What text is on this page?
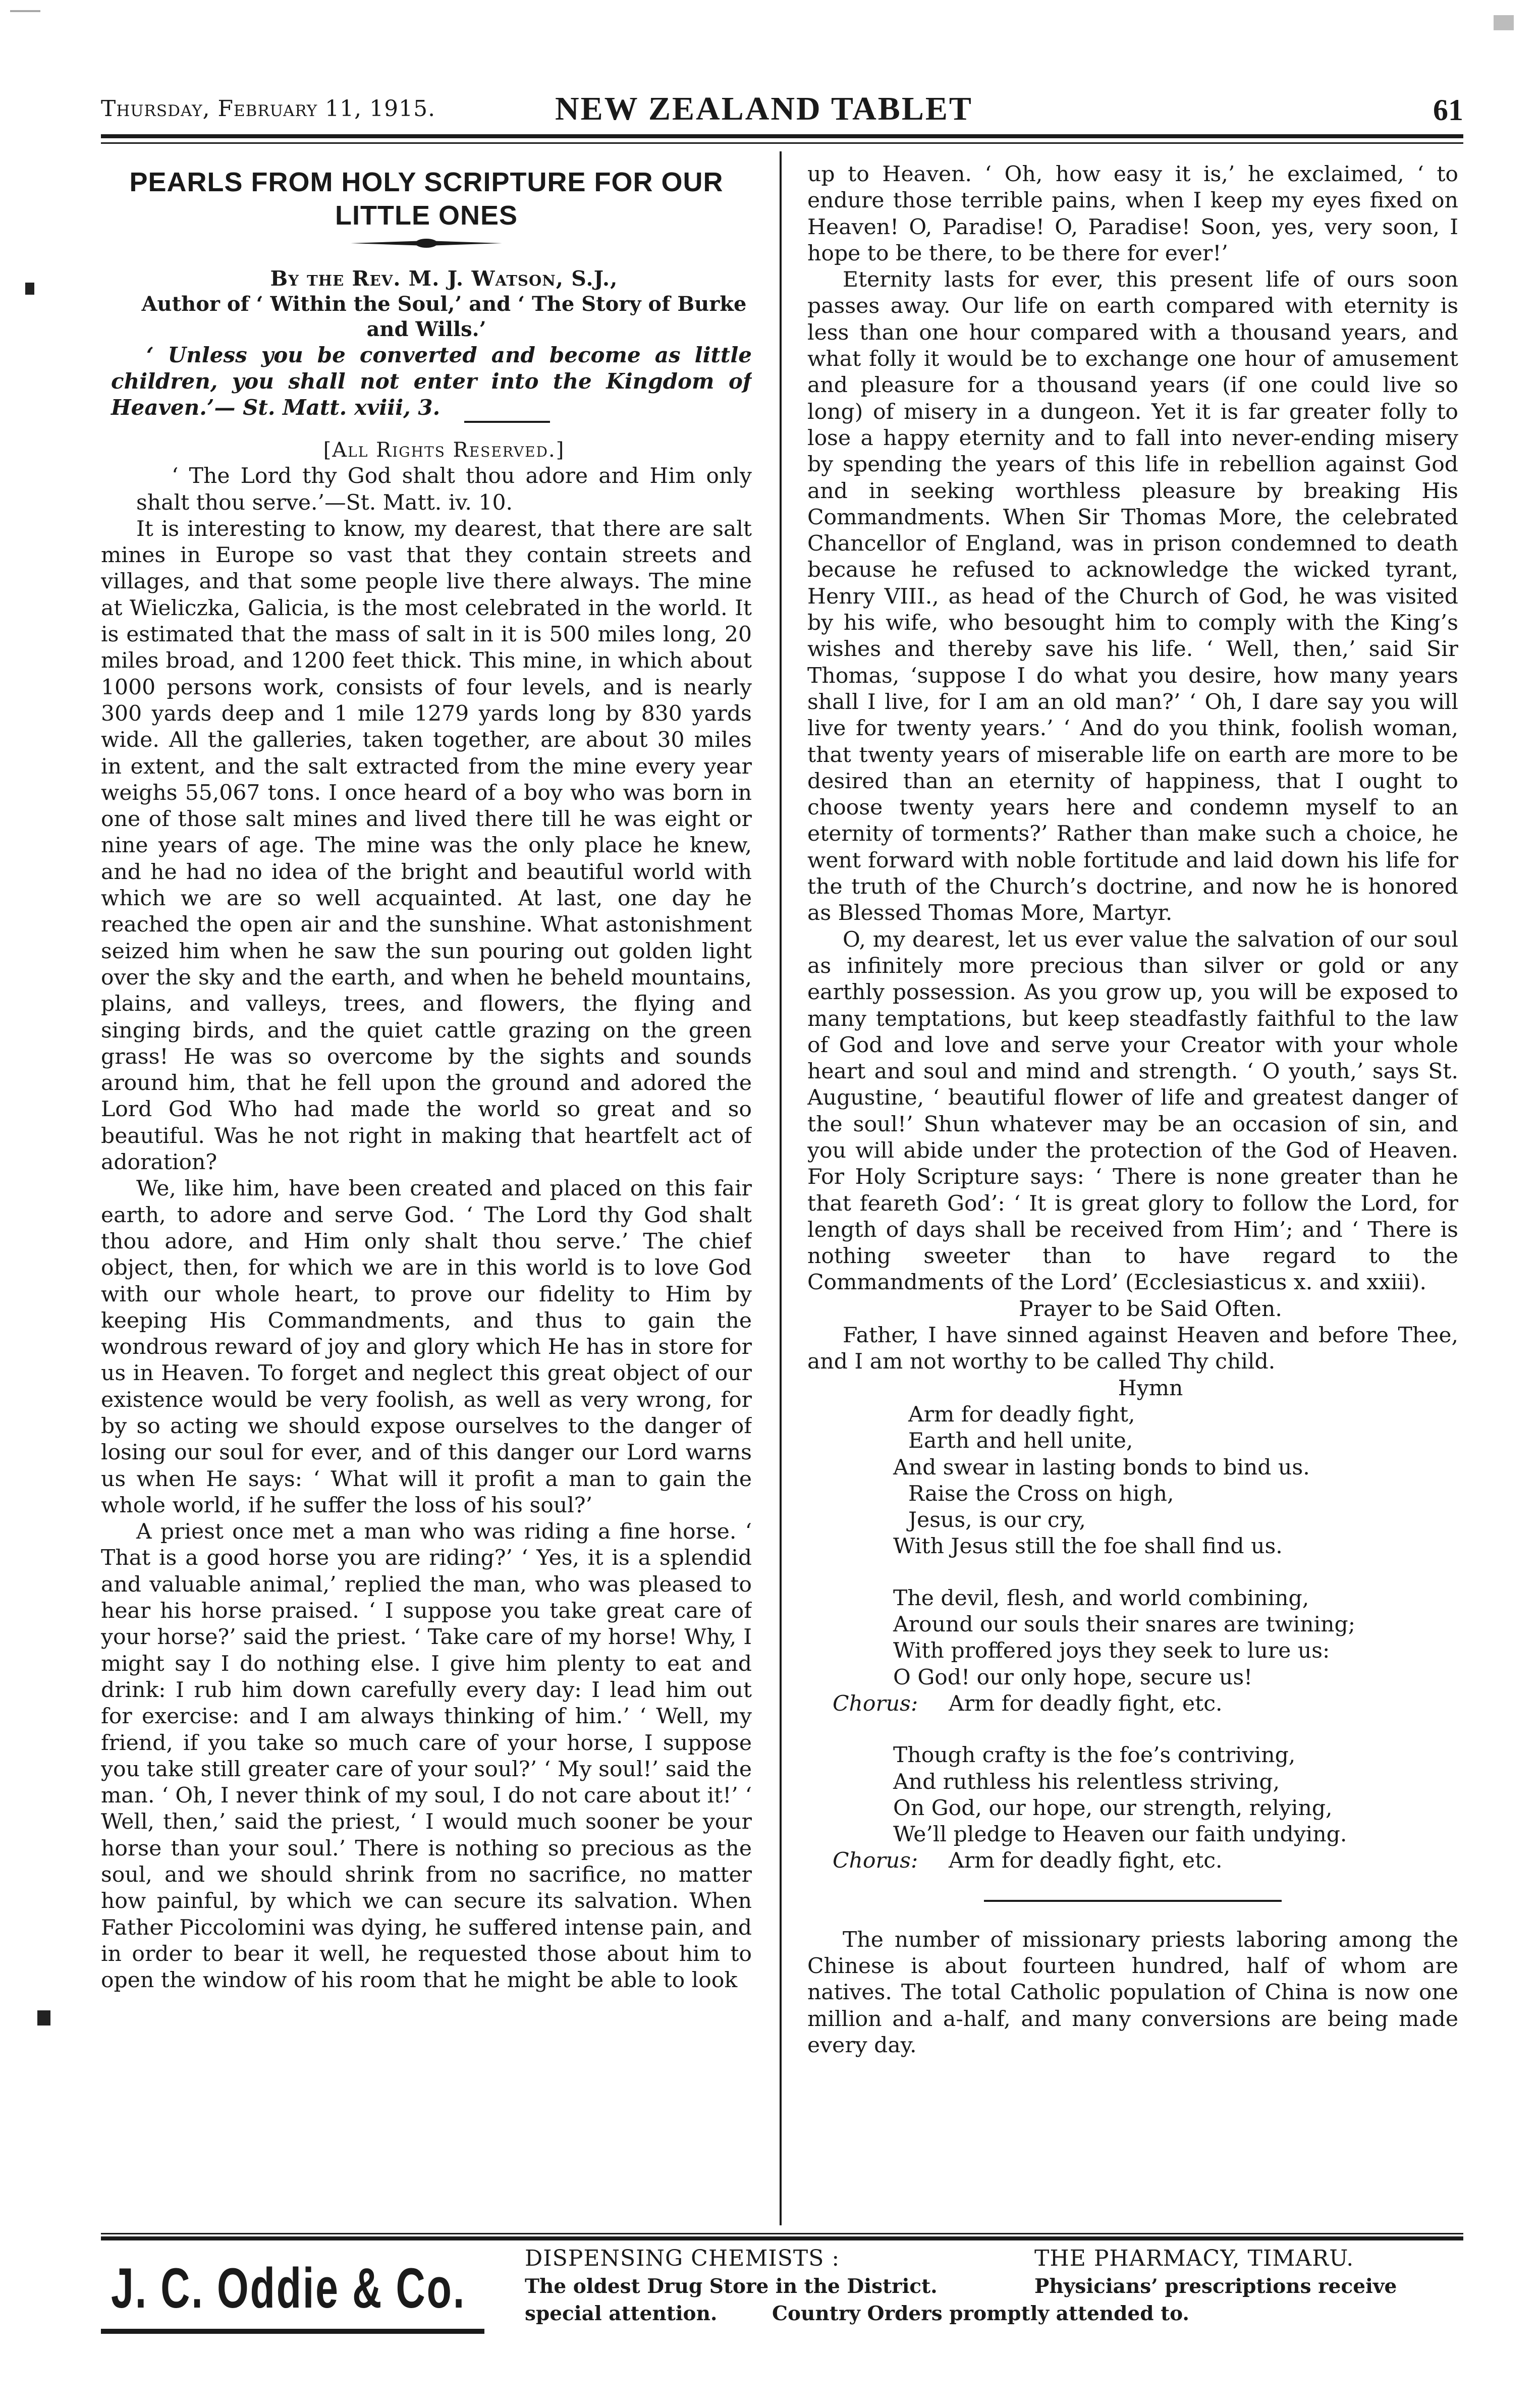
Thursday, February 11, 1915.	NEW ZEALAND TABLET	61
PEARLS FROM HOLY SCRIPTURE FOR OUR
LITTLE ONES

By the Rev. M. J. Watson, S.J.,

Author of ‘ Within the Soul,’ and ‘ The Story of Burke
and Wills.’

‘ Unless you be converted and become as little children, you shall not enter into the Kingdom of Heaven.’— St. Matt. xviii, 3.

[All Rights Reserved.]

‘ The Lord thy God shalt thou adore and Him only shalt thou serve.’—St. Matt. iv. 10.

It is interesting to know, my dearest, that there are salt mines in Europe so vast that they contain streets and villages, and that some people live there always. The mine at Wieliczka, Galicia, is the most celebrated in the world. It is estimated that the mass of salt in it is 500 miles long, 20 miles broad, and 1200 feet thick. This mine, in which about 1000 persons work, consists of four levels, and is nearly 300 yards deep and 1 mile 1279 yards long by 830 yards wide. All the galleries, taken together, are about 30 miles in extent, and the salt extracted from the mine every year weighs 55,067 tons. I once heard of a boy who was born in one of those salt mines and lived there till he was eight or nine years of age. The mine was the only place he knew, and he had no idea of the bright and beautiful world with which we are so well acquainted. At last, one day he reached the open air and the sunshine. What astonishment seized him when he saw the sun pouring out golden light over the sky and the earth, and when he beheld mountains, plains, and valleys, trees, and flowers, the flying and singing birds, and the quiet cattle grazing on the green grass! He was so overcome by the sights and sounds around him, that he fell upon the ground and adored the Lord God Who had made the world so great and so beautiful. Was he not right in making that heartfelt act of adoration?

We, like him, have been created and placed on this fair earth, to adore and serve God. ‘ The Lord thy God shalt thou adore, and Him only shalt thou serve.’ The chief object, then, for which we are in this world is to love God with our whole heart, to prove our fidelity to Him by keeping His Commandments, and thus to gain the wondrous reward of joy and glory which He has in store for us in Heaven. To forget and neglect this great object of our existence would be very foolish, as well as very wrong, for by so acting we should expose ourselves to the danger of losing our soul for ever, and of this danger our Lord warns us when He says: ‘ What will it profit a man to gain the whole world, if he suffer the loss of his soul?’

A priest once met a man who was riding a fine horse. ‘ That is a good horse you are riding?’ ‘ Yes, it is a splendid and valuable animal,’ replied the man, who was pleased to hear his horse praised. ‘ I suppose you take great care of your horse?’ said the priest. ‘ Take care of my horse! Why, I might say I do nothing else. I give him plenty to eat and drink: I rub him down carefully every day: I lead him out for exercise: and I am always thinking of him.’ ‘ Well, my friend, if you take so much care of your horse, I suppose you take still greater care of your soul?’ ‘ My soul!’ said the man. ‘ Oh, I never think of my soul, I do not care about it!’ ‘ Well, then,’ said the priest, ‘ I would much sooner be your horse than your soul.’ There is nothing so precious as the soul, and we should shrink from no sacrifice, no matter how painful, by which we can secure its salvation. When Father Piccolomini was dying, he suffered intense pain, and in order to bear it well, he requested those about him to open the window of his room that he might be able to look

up to Heaven. ‘ Oh, how easy it is,’ he exclaimed, ‘ to endure those terrible pains, when I keep my eyes fixed on Heaven! O, Paradise! O, Paradise! Soon, yes, very soon, I hope to be there, to be there for ever!’

Eternity lasts for ever, this present life of ours soon passes away. Our life on earth compared with eternity is less than one hour compared with a thousand years, and what folly it would be to exchange one hour of amusement and pleasure for a thousand years (if one could live so long) of misery in a dungeon. Yet it is far greater folly to lose a happy eternity and to fall into never-ending misery by spending the years of this life in rebellion against God and in seeking worthless pleasure by breaking His Commandments. When Sir Thomas More, the celebrated Chancellor of England, was in prison condemned to death because he refused to acknowledge the wicked tyrant, Henry VIII., as head of the Church of God, he was visited by his wife, who besought him to comply with the King’s wishes and thereby save his life. ‘ Well, then,’ said Sir Thomas, ‘suppose I do what you desire, how many years shall I live, for I am an old man?’ ‘ Oh, I dare say you will live for twenty years.’ ‘ And do you think, foolish woman, that twenty years of miserable life on earth are more to be desired than an eternity of happiness, that I ought to choose twenty years here and condemn myself to an eternity of torments?’ Rather than make such a choice, he went forward with noble fortitude and laid down his life for the truth of the Church’s doctrine, and now he is honored as Blessed Thomas More, Martyr.

O, my dearest, let us ever value the salvation of our soul as infinitely more precious than silver or gold or any earthly possession. As you grow up, you will be exposed to many temptations, but keep steadfastly faithful to the law of God and love and serve your Creator with your whole heart and soul and mind and strength. ‘ O youth,’ says St. Augustine, ‘ beautiful flower of life and greatest danger of the soul!’ Shun whatever may be an occasion of sin, and you will abide under the protection of the God of Heaven. For Holy Scripture says: ‘ There is none greater than he that feareth God’: ‘ It is great glory to follow the Lord, for length of days shall be received from Him’; and ‘ There is nothing sweeter than to have regard to the Commandments of the Lord’ (Ecclesiasticus x. and xxiii).

Prayer to be Said Often.

Father, I have sinned against Heaven and before Thee, and I am not worthy to be called Thy child.

Hymn

Arm for deadly fight,
Earth and hell unite,
And swear in lasting bonds to bind us.
Raise the Cross on high,
Jesus, is our cry,
With Jesus still the foe shall find us.
The devil, flesh, and world combining,
Around our souls their snares are twining;
With proffered joys they seek to lure us:
O God! our only hope, secure us!
Chorus: Arm for deadly fight, etc.
Though crafty is the foe’s contriving,
And ruthless his relentless striving,
On God, our hope, our strength, relying,
We’ll pledge to Heaven our faith undying.
Chorus: Arm for deadly fight, etc.

The number of missionary priests laboring among the Chinese is about fourteen hundred, half of whom are natives. The total Catholic population of China is now one million and a-half, and many conversions are being made every day.

J. C. Oddie & Co.	DISPENSING CHEMISTS :	THE PHARMACY, TIMARU.
The oldest Drug Store in the District.	Physicians’ prescriptions receive
special attention.	Country Orders promptly attended to.
